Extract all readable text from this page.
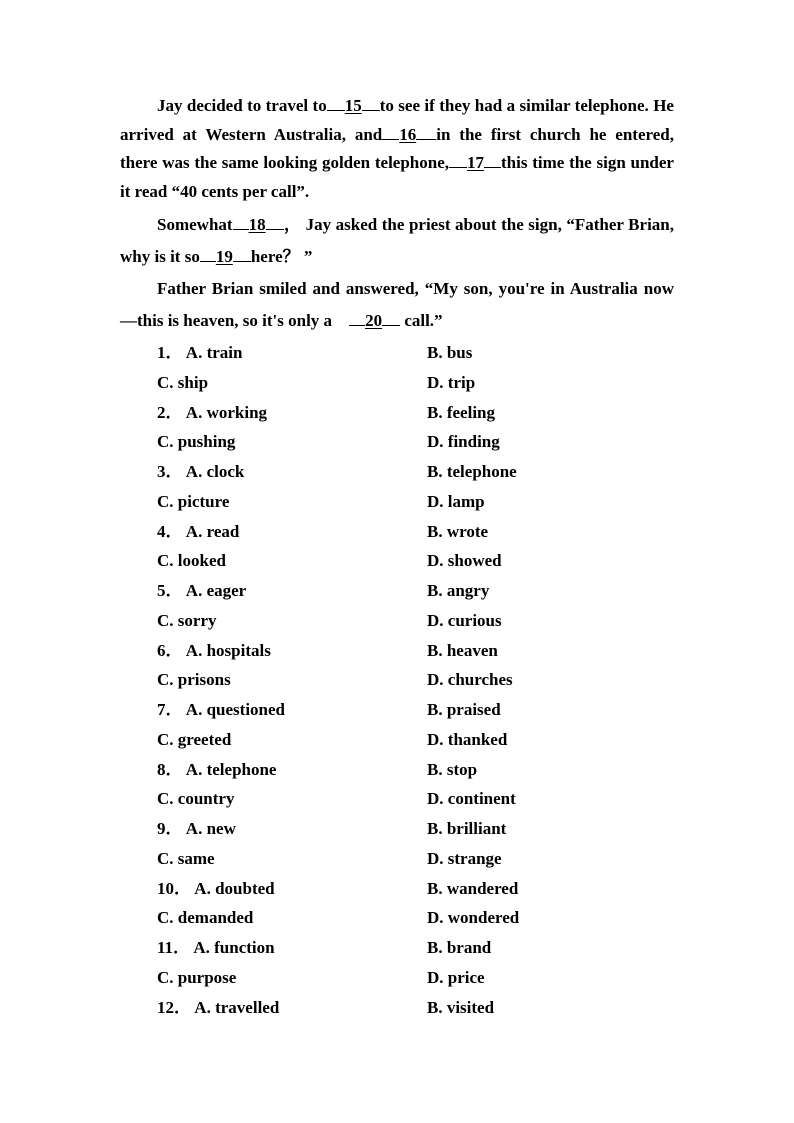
Jay decided to travel to 15 to see if they had a similar telephone. He arrived at Western Australia, and 16 in the first church he entered, there was the same looking golden telephone, 17 this time the sign under it read “40 cents per call”.

Somewhat 18 ， Jay asked the priest about the sign, “Father Brian, why is it so 19 here？ ”

Father Brian smiled and answered, “My son, you're in Australia now —this is heaven, so it's only a 20 call.”

1． A. train	B. bus
C. ship	D. trip
2． A. working	B. feeling
C. pushing	D. finding
3． A. clock	B. telephone
C. picture	D. lamp
4． A. read	B. wrote
C. looked	D. showed
5． A. eager	B. angry
C. sorry	D. curious
6． A. hospitals	B. heaven
C. prisons	D. churches
7． A. questioned	B. praised
C. greeted	D. thanked
8． A. telephone	B. stop
C. country	D. continent
9． A. new	B. brilliant
C. same	D. strange
10． A. doubted	B. wandered
C. demanded	D. wondered
11． A. function	B. brand
C. purpose	D. price
12． A. travelled	B. visited
